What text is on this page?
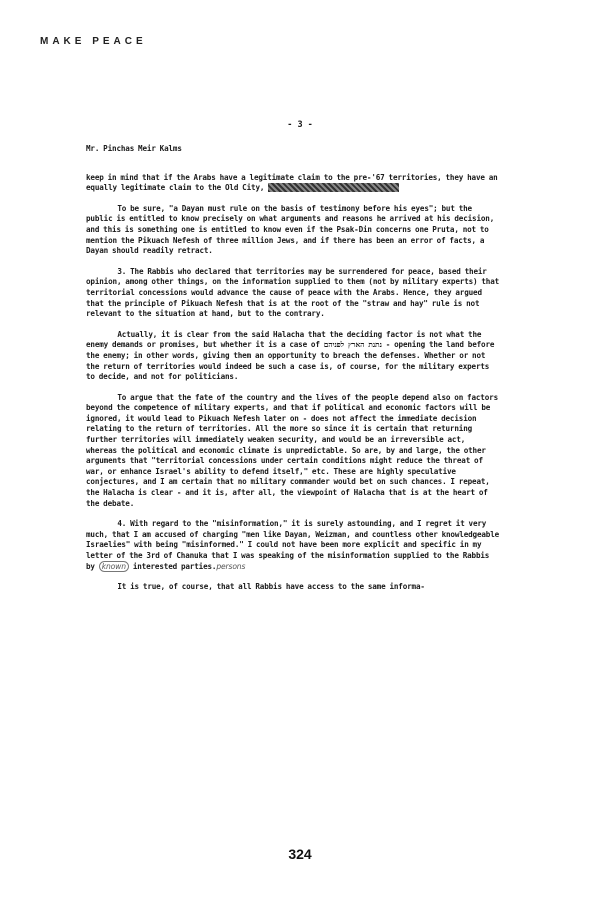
MAKE PEACE
- 3 -
Mr. Pinchas Meir Kalms
keep in mind that if the Arabs have a legitimate claim to the pre-'67 territories, they have an equally legitimate claim to the Old City,
To be sure, "a Dayan must rule on the basis of testimony before his eyes"; but the public is entitled to know precisely on what arguments and reasons he arrived at his decision, and this is something one is entitled to know even if the Psak-Din concerns one Pruta, not to mention the Pikuach Nefesh of three million Jews, and if there has been an error of facts, a Dayan should readily retract.
3. The Rabbis who declared that territories may be surrendered for peace, based their opinion, among other things, on the information supplied to them (not by military experts) that territorial concessions would advance the cause of peace with the Arabs. Hence, they argued that the principle of Pikuach Nefesh that is at the root of the "straw and hay" rule is not relevant to the situation at hand, but to the contrary.
Actually, it is clear from the said Halacha that the deciding factor is not what the enemy demands or promises, but whether it is a case of נתנת הארץ לפניהם - opening the land before the enemy; in other words, giving them an opportunity to breach the defenses. Whether or not the return of territories would indeed be such a case is, of course, for the military experts to decide, and not for politicians.
To argue that the fate of the country and the lives of the people depend also on factors beyond the competence of military experts, and that if political and economic factors will be ignored, it would lead to Pikuach Nefesh later on - does not affect the immediate decision relating to the return of territories. All the more so since it is certain that returning further territories will immediately weaken security, and would be an irreversible act, whereas the political and economic climate is unpredictable. So are, by and large, the other arguments that "territorial concessions under certain conditions might reduce the threat of war, or enhance Israel's ability to defend itself," etc. These are highly speculative conjectures, and I am certain that no military commander would bet on such chances. I repeat, the Halacha is clear - and it is, after all, the viewpoint of Halacha that is at the heart of the debate.
4. With regard to the "misinformation," it is surely astounding, and I regret it very much, that I am accused of charging "men like Dayan, Weizman, and countless other knowledgeable Israelies" with being "misinformed." I could not have been more explicit and specific in my letter of the 3rd of Chanuka that I was speaking of the misinformation supplied to the Rabbis by known interested parties.persons
It is true, of course, that all Rabbis have access to the same informa-
324
